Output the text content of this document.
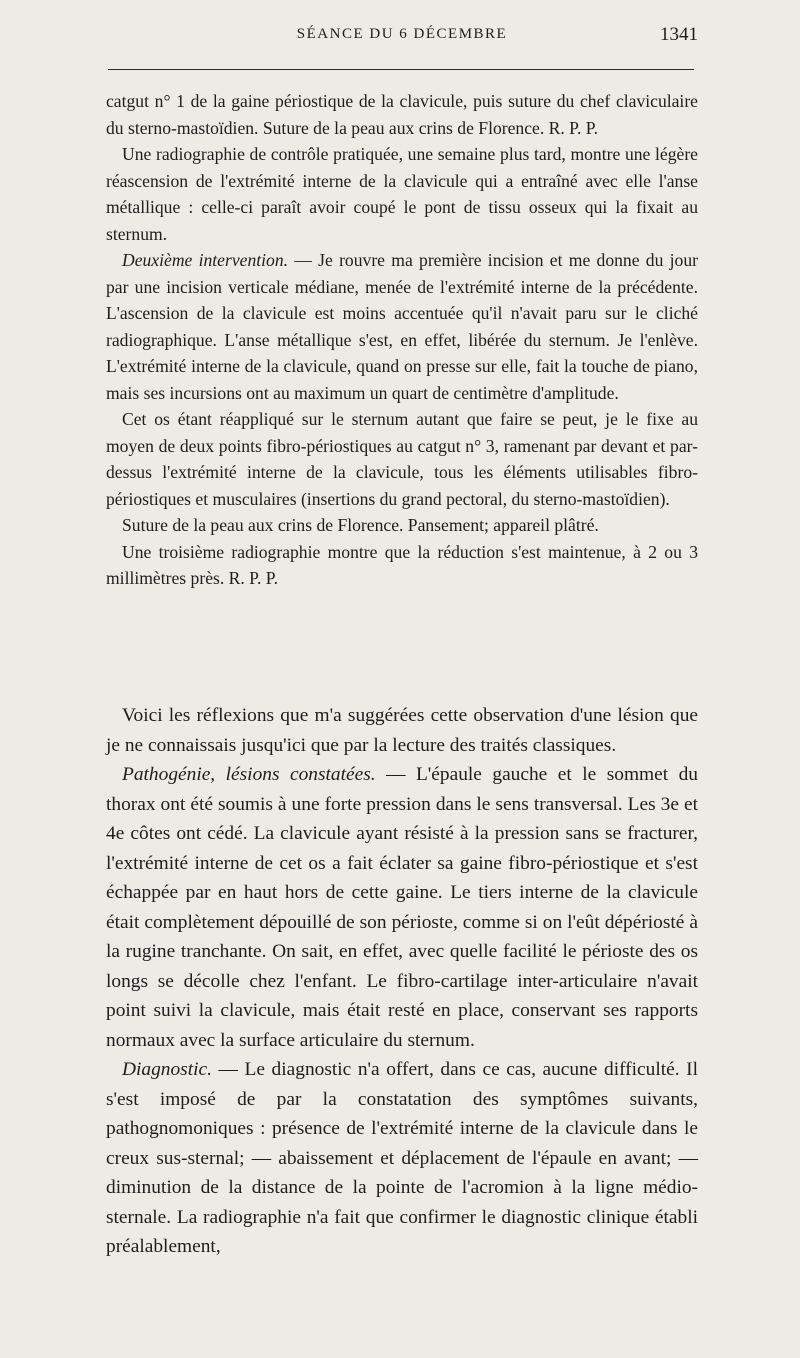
SÉANCE DU 6 DÉCEMBRE	1341

catgut n° 1 de la gaine périostique de la clavicule, puis suture du chef claviculaire du sterno-mastoïdien. Suture de la peau aux crins de Florence. R. P. P.

Une radiographie de contrôle pratiquée, une semaine plus tard, montre une légère réascension de l'extrémité interne de la clavicule qui a entraîné avec elle l'anse métallique : celle-ci paraît avoir coupé le pont de tissu osseux qui la fixait au sternum.

Deuxième intervention. — Je rouvre ma première incision et me donne du jour par une incision verticale médiane, menée de l'extrémité interne de la précédente. L'ascension de la clavicule est moins accentuée qu'il n'avait paru sur le cliché radiographique. L'anse métallique s'est, en effet, libérée du sternum. Je l'enlève. L'extrémité interne de la clavicule, quand on presse sur elle, fait la touche de piano, mais ses incursions ont au maximum un quart de centimètre d'amplitude.

Cet os étant réappliqué sur le sternum autant que faire se peut, je le fixe au moyen de deux points fibro-périostiques au catgut n° 3, ramenant par devant et par-dessus l'extrémité interne de la clavicule, tous les éléments utilisables fibro-périostiques et musculaires (insertions du grand pectoral, du sterno-mastoïdien).

Suture de la peau aux crins de Florence. Pansement; appareil plâtré.

Une troisième radiographie montre que la réduction s'est maintenue, à 2 ou 3 millimètres près. R. P. P.

Voici les réflexions que m'a suggérées cette observation d'une lésion que je ne connaissais jusqu'ici que par la lecture des traités classiques.

Pathogénie, lésions constatées. — L'épaule gauche et le sommet du thorax ont été soumis à une forte pression dans le sens transversal. Les 3e et 4e côtes ont cédé. La clavicule ayant résisté à la pression sans se fracturer, l'extrémité interne de cet os a fait éclater sa gaine fibro-périostique et s'est échappée par en haut hors de cette gaine. Le tiers interne de la clavicule était complètement dépouillé de son périoste, comme si on l'eût dépériosté à la rugine tranchante. On sait, en effet, avec quelle facilité le périoste des os longs se décolle chez l'enfant. Le fibro-cartilage inter-articulaire n'avait point suivi la clavicule, mais était resté en place, conservant ses rapports normaux avec la surface articulaire du sternum.

Diagnostic. — Le diagnostic n'a offert, dans ce cas, aucune difficulté. Il s'est imposé de par la constatation des symptômes suivants, pathognomoniques : présence de l'extrémité interne de la clavicule dans le creux sus-sternal; — abaissement et déplacement de l'épaule en avant; — diminution de la distance de la pointe de l'acromion à la ligne médio-sternale. La radiographie n'a fait que confirmer le diagnostic clinique établi préalablement,
